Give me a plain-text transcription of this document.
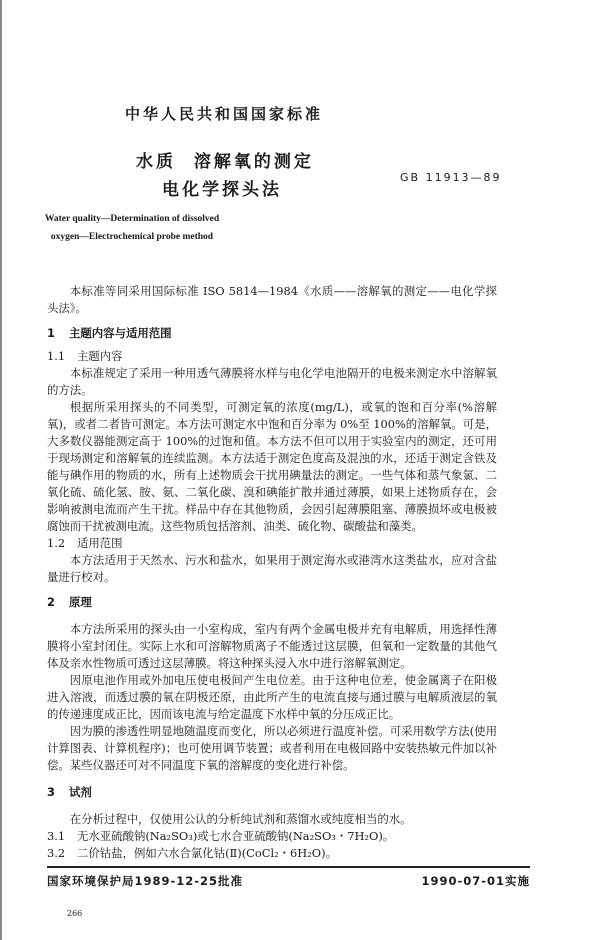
中华人民共和国国家标准
水质  溶解氧的测定
电化学探头法
GB 11913—89
Water quality—Determination of dissolved
oxygen—Electrochemical probe method

本标准等同采用国际标准 ISO 5814—1984《水质——溶解氧的测定——电化学探头法》。

1 主题内容与适用范围
1.1 主题内容

本标准规定了采用一种用透气薄膜将水样与电化学电池隔开的电极来测定水中溶解氧的方法。

根据所采用探头的不同类型，可测定氧的浓度(mg/L)，或氧的饱和百分率(%溶解氧)，或者二者皆可测定。本方法可测定水中饱和百分率为 0%至 100%的溶解氧。可是，大多数仪器能测定高于 100%的过饱和值。本方法不但可以用于实验室内的测定，还可用于现场测定和溶解氧的连续监测。本方法适于测定色度高及混浊的水，还适于测定含铁及能与碘作用的物质的水，所有上述物质会干扰用碘量法的测定。一些气体和蒸气象氯、二氧化硫、硫化氢、胺、氨、二氧化碳、溴和碘能扩散并通过薄膜，如果上述物质存在，会影响被测电流而产生干扰。样品中存在其他物质，会因引起薄膜阻塞、薄膜损坏或电极被腐蚀而干扰被测电流。这些物质包括溶剂、油类、硫化物、碳酸盐和藻类。

1.2 适用范围

本方法适用于天然水、污水和盐水，如果用于测定海水或港湾水这类盐水，应对含盐量进行校对。

2 原理

本方法所采用的探头由一小室构成，室内有两个金属电极并充有电解质，用选择性薄膜将小室封闭住。实际上水和可溶解物质离子不能透过这层膜，但氧和一定数量的其他气体及亲水性物质可透过这层薄膜。将这种探头浸入水中进行溶解氧测定。

因原电池作用或外加电压使电极间产生电位差。由于这种电位差，使金属离子在阳极进入溶液，而透过膜的氧在阴极还原，由此所产生的电流直接与通过膜与电解质液层的氧的传递速度成正比，因而该电流与给定温度下水样中氧的分压成正比。

因为膜的渗透性明显地随温度而变化，所以必须进行温度补偿。可采用数学方法(使用计算图表、计算机程序)；也可使用调节装置；或者利用在电极回路中安装热敏元件加以补偿。某些仪器还可对不同温度下氧的溶解度的变化进行补偿。

3 试剂

在分析过程中，仅使用公认的分析纯试剂和蒸馏水或纯度相当的水。

3.1 无水亚硫酸钠(Na₂SO₃)或七水合亚硫酸钠(Na₂SO₃・7H₂O)。
3.2 二价钴盐，例如六水合氯化钴(Ⅱ)(CoCl₂・6H₂O)。
国家环境保护局1989-12-25批准	1990-07-01实施
266
